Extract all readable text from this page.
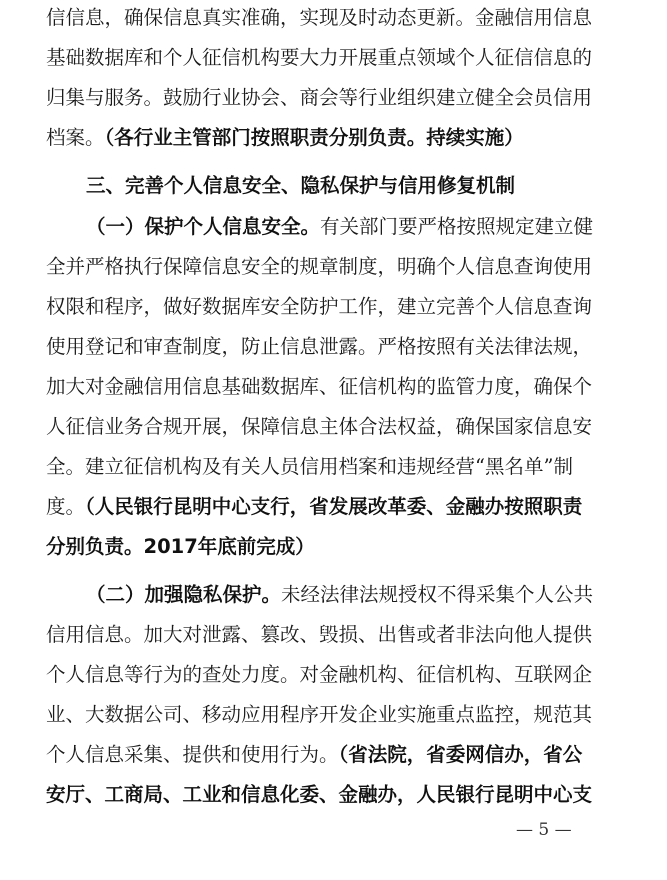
信信息，确保信息真实准确，实现及时动态更新。金融信用信息
基础数据库和个人征信机构要大力开展重点领域个人征信信息的
归集与服务。鼓励行业协会、商会等行业组织建立健全会员信用
档案。（各行业主管部门按照职责分别负责。持续实施）
三、完善个人信息安全、隐私保护与信用修复机制
（一）保护个人信息安全。有关部门要严格按照规定建立健
全并严格执行保障信息安全的规章制度，明确个人信息查询使用
权限和程序，做好数据库安全防护工作，建立完善个人信息查询
使用登记和审查制度，防止信息泄露。严格按照有关法律法规，
加大对金融信用信息基础数据库、征信机构的监管力度，确保个
人征信业务合规开展，保障信息主体合法权益，确保国家信息安
全。建立征信机构及有关人员信用档案和违规经营“黑名单”制
度。（人民银行昆明中心支行，省发展改革委、金融办按照职责
分别负责。2017年底前完成）
（二）加强隐私保护。未经法律法规授权不得采集个人公共
信用信息。加大对泄露、篡改、毁损、出售或者非法向他人提供
个人信息等行为的查处力度。对金融机构、征信机构、互联网企
业、大数据公司、移动应用程序开发企业实施重点监控，规范其
个人信息采集、提供和使用行为。（省法院，省委网信办，省公
安厅、工商局、工业和信息化委、金融办，人民银行昆明中心支
— 5 —
